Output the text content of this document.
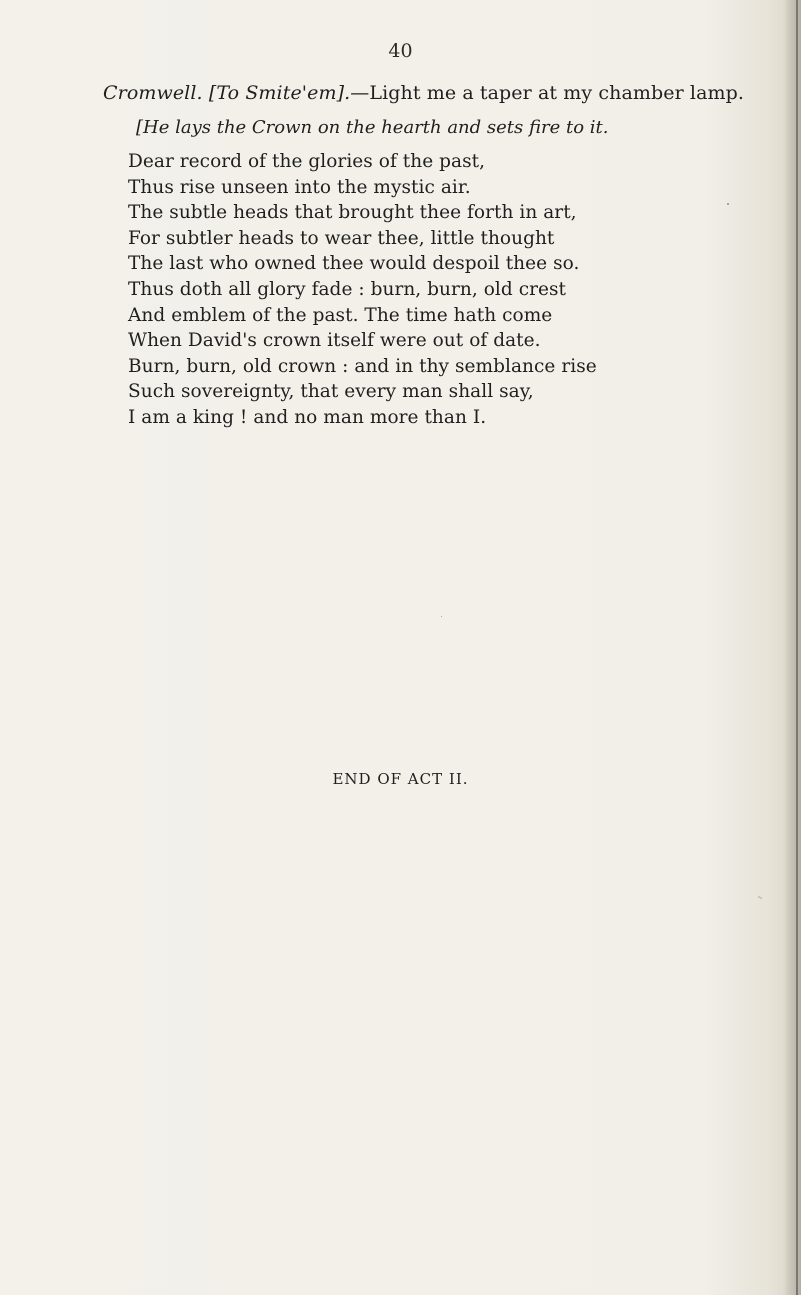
40
Cromwell. [To Smite'em].—Light me a taper at my chamber lamp.
[He lays the Crown on the hearth and sets fire to it.
Dear record of the glories of the past,
Thus rise unseen into the mystic air.
The subtle heads that brought thee forth in art,
For subtler heads to wear thee, little thought
The last who owned thee would despoil thee so.
Thus doth all glory fade : burn, burn, old crest
And emblem of the past. The time hath come
When David's crown itself were out of date.
Burn, burn, old crown : and in thy semblance rise
Such sovereignty, that every man shall say,
I am a king ! and no man more than I.
END OF ACT II.
